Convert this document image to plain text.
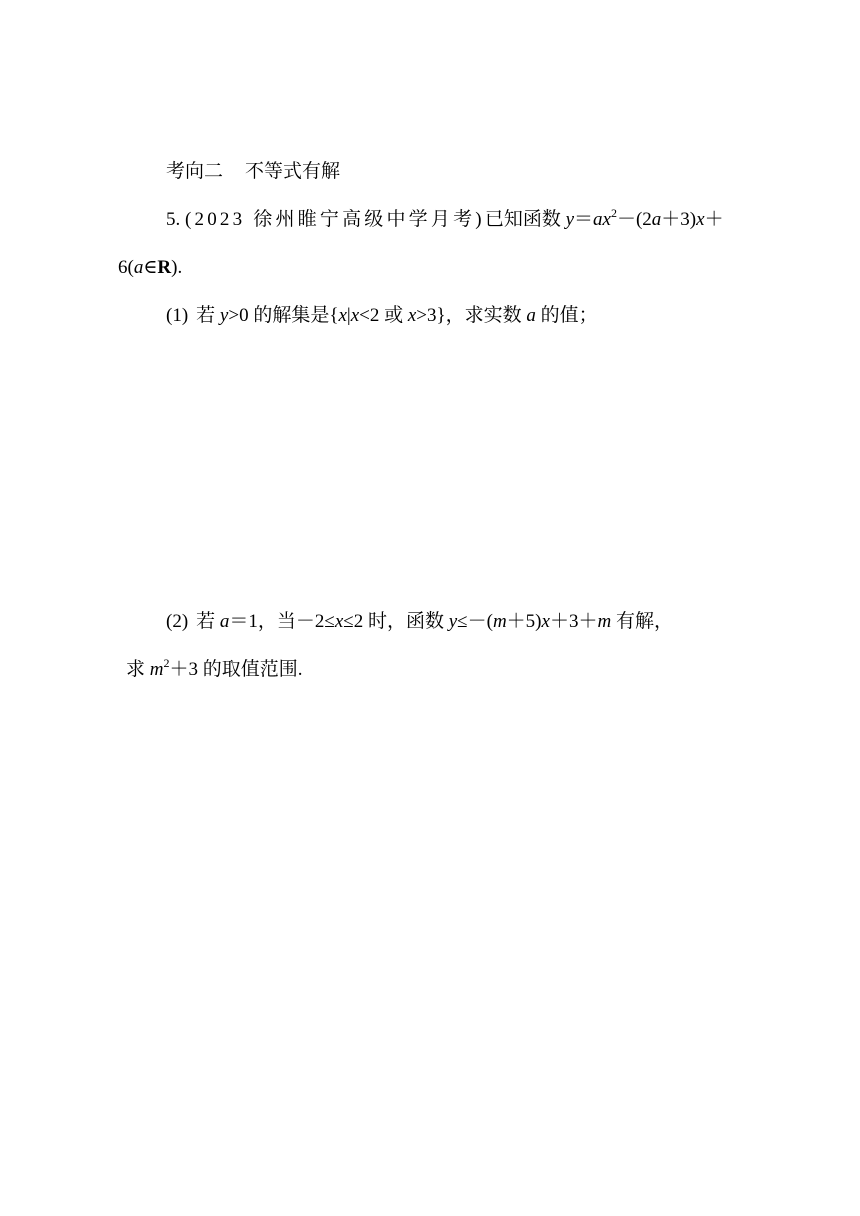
考向二 不等式有解
5. (2023 徐州睢宁高级中学月考)已知函数 $y=ax^2-(2a+3)x+$
6(a∈R).
(1) 若 y>0 的解集是{x|x<2 或 x>3}，求实数 a 的值；
(2) 若 a＝1，当－2≤x≤2 时，函数 y≤－(m＋5)x＋3＋m 有解，
求 $m^2+3$ 的取值范围.
